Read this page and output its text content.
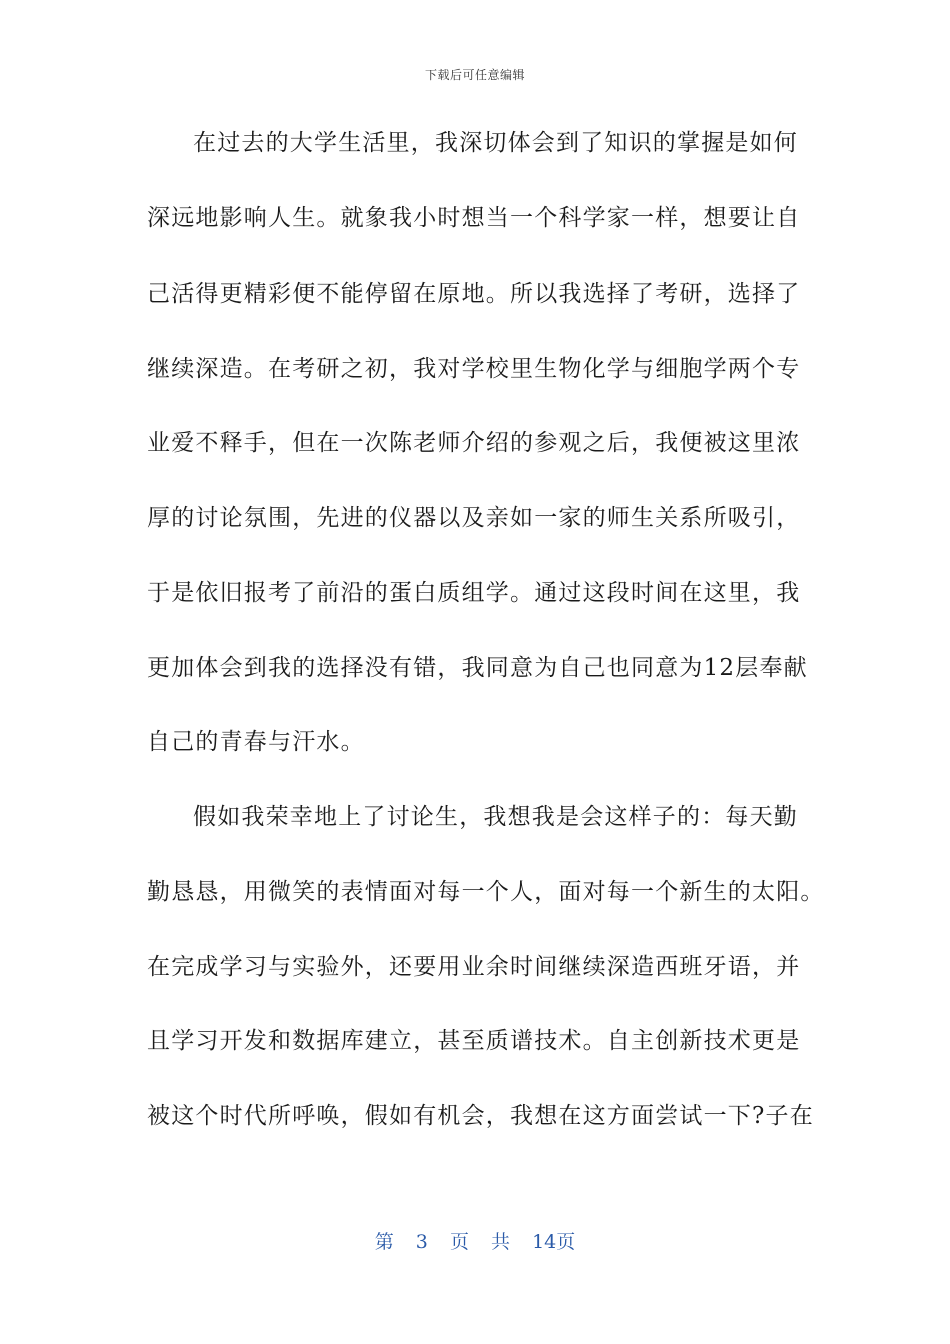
下载后可任意编辑
在过去的大学生活里，我深切体会到了知识的掌握是如何
深远地影响人生。就象我小时想当一个科学家一样，想要让自
己活得更精彩便不能停留在原地。所以我选择了考研，选择了
继续深造。在考研之初，我对学校里生物化学与细胞学两个专
业爱不释手，但在一次陈老师介绍的参观之后，我便被这里浓
厚的讨论氛围，先进的仪器以及亲如一家的师生关系所吸引，
于是依旧报考了前沿的蛋白质组学。通过这段时间在这里，我
更加体会到我的选择没有错，我同意为自己也同意为12层奉献
自己的青春与汗水。
假如我荣幸地上了讨论生，我想我是会这样子的：每天勤
勤恳恳，用微笑的表情面对每一个人，面对每一个新生的太阳。
在完成学习与实验外，还要用业余时间继续深造西班牙语，并
且学习开发和数据库建立，甚至质谱技术。自主创新技术更是
被这个时代所呼唤，假如有机会，我想在这方面尝试一下?子在
第 3 页 共 14页
